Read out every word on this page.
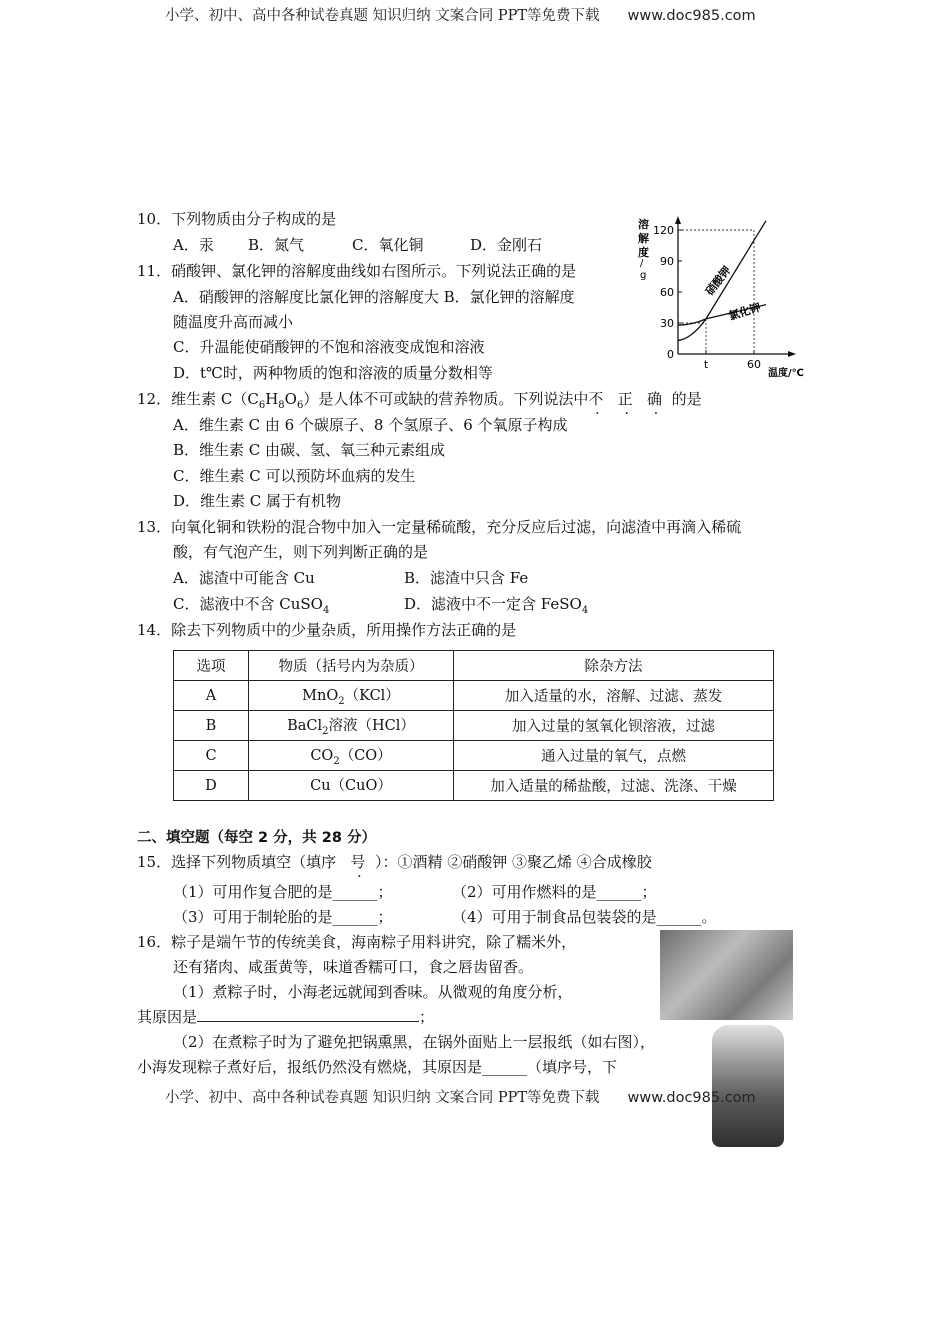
小学、初中、高中各种试卷真题 知识归纳 文案合同 PPT等免费下载 www.doc985.com
10．下列物质由分子构成的是
A．汞 B．氮气	C．氧化铜	D．金刚石
11．硝酸钾、氯化钾的溶解度曲线如右图所示。下列说法正确的是
A．硝酸钾的溶解度比氯化钾的溶解度大 B．氯化钾的溶解度
随温度升高而减小
C．升温能使硝酸钾的不饱和溶液变成饱和溶液
D．t℃时，两种物质的饱和溶液的质量分数相等
溶
解
度
/
g
120
90
60
30
0
t	60
硝酸钾
氯化钾
温度/℃
12．维生素 $C(C_6H_8O_6)$是人体不可或缺的营养物质。下列说法中不 正 确 的是
A．维生素 C 由 6 个碳原子、8 个氢原子、6 个氧原子构成
B．维生素 C 由碳、氢、氧三种元素组成
C．维生素 C 可以预防坏血病的发生
D．维生素 C 属于有机物
13．向氧化铜和铁粉的混合物中加入一定量稀硫酸，充分反应后过滤，向滤渣中再滴入稀硫
酸，有气泡产生，则下列判断正确的是
A．滤渣中可能含 Cu	B．滤渣中只含 Fe
C．滤液中不含 CuSO$_4$	D．滤液中不一定含 FeSO$_4$
14．除去下列物质中的少量杂质，所用操作方法正确的是
选项	物质（括号内为杂质）	除杂方法
A	MnO$_2$（KCl）	加入适量的水，溶解、过滤、蒸发
B	BaCl$_2$溶液（HCl）	加入过量的氢氧化钡溶液，过滤
C	$CO_2(CO)$	通入过量的氧气，点燃
D	Cu（CuO）	加入适量的稀盐酸，过滤、洗涤、干燥
二、填空题（每空 2 分，共 28 分）
15．选择下列物质填空（填序 号 ）：①酒精 ②硝酸钾 ③聚乙烯 ④合成橡胶
（1）可用作复合肥的是______；	（2）可用作燃料的是______；
（3）可用于制轮胎的是______；	（4）可用于制食品包装袋的是______。
16．粽子是端午节的传统美食，海南粽子用料讲究，除了糯米外，
还有猪肉、咸蛋黄等，味道香糯可口，食之唇齿留香。
（1）煮粽子时，小海老远就闻到香味。从微观的角度分析，
其原因是	；
（2）在煮粽子时为了避免把锅熏黑，在锅外面贴上一层报纸（如右图），
小海发现粽子煮好后，报纸仍然没有燃烧，其原因是______（填序号，下
小学、初中、高中各种试卷真题 知识归纳 文案合同 PPT等免费下载 www.doc985.com
